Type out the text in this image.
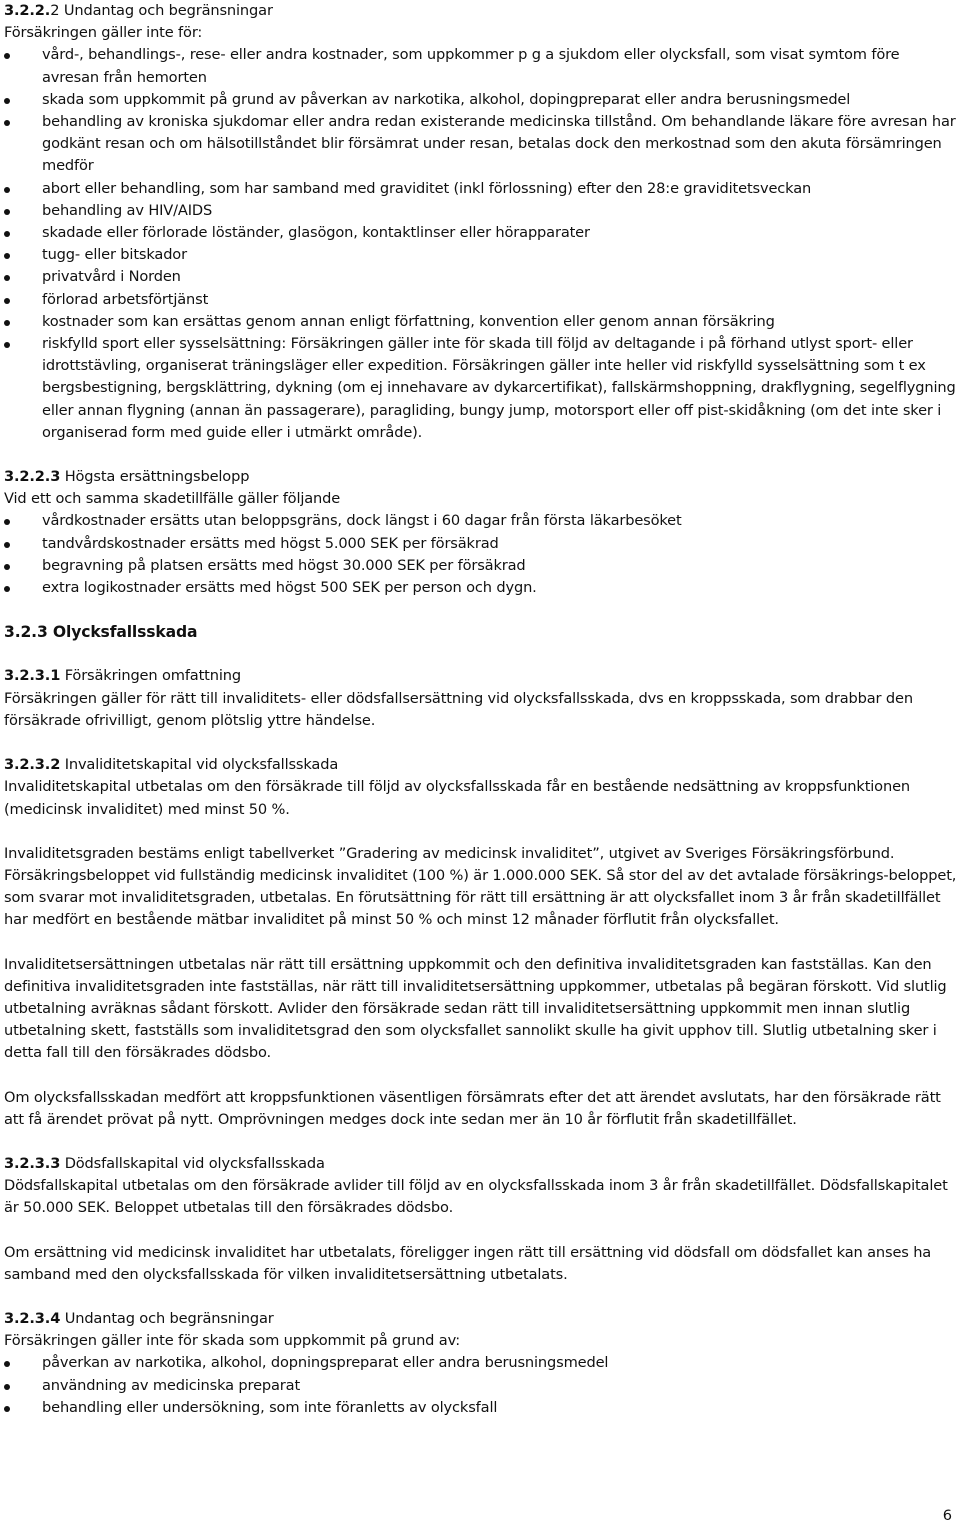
3.2.2.2 Undantag och begränsningar

Försäkringen gäller inte för:

vård-, behandlings-, rese- eller andra kostnader, som uppkommer p g a sjukdom eller olycksfall, som visat symtom före avresan från hemorten
skada som uppkommit på grund av påverkan av narkotika, alkohol, dopingpreparat eller andra berusningsmedel
behandling av kroniska sjukdomar eller andra redan existerande medicinska tillstånd. Om behandlande läkare före avresan har godkänt resan och om hälsotillståndet blir försämrat under resan, betalas dock den merkostnad som den akuta försämringen medför
abort eller behandling, som har samband med graviditet (inkl förlossning) efter den 28:e graviditetsveckan
behandling av HIV/AIDS
skadade eller förlorade löständer, glasögon, kontaktlinser eller hörapparater
tugg- eller bitskador
privatvård i Norden
förlorad arbetsförtjänst
kostnader som kan ersättas genom annan enligt författning, konvention eller genom annan försäkring
riskfylld sport eller sysselsättning: Försäkringen gäller inte för skada till följd av deltagande i på förhand utlyst sport- eller idrottstävling, organiserat träningsläger eller expedition. Försäkringen gäller inte heller vid riskfylld sysselsättning som t ex bergsbestigning, bergsklättring, dykning (om ej innehavare av dykarcertifikat), fallskärmshoppning, drakflygning, segelflygning eller annan flygning (annan än passagerare), paragliding, bungy jump, motorsport eller off pist-skidåkning (om det inte sker i organiserad form med guide eller i utmärkt område).

3.2.2.3 Högsta ersättningsbelopp

Vid ett och samma skadetillfälle gäller följande

vårdkostnader ersätts utan beloppsgräns, dock längst i 60 dagar från första läkarbesöket
tandvårdskostnader ersätts med högst 5.000 SEK per försäkrad
begravning på platsen ersätts med högst 30.000 SEK per försäkrad
extra logikostnader ersätts med högst 500 SEK per person och dygn.

3.2.3 Olycksfallsskada

3.2.3.1 Försäkringen omfattning

Försäkringen gäller för rätt till invaliditets- eller dödsfallsersättning vid olycksfallsskada, dvs en kroppsskada, som drabbar den försäkrade ofrivilligt, genom plötslig yttre händelse.

3.2.3.2 Invaliditetskapital vid olycksfallsskada

Invaliditetskapital utbetalas om den försäkrade till följd av olycksfallsskada får en bestående nedsättning av kroppsfunktionen (medicinsk invaliditet) med minst 50 %.

Invaliditetsgraden bestäms enligt tabellverket ”Gradering av medicinsk invaliditet”, utgivet av Sveriges Försäkringsförbund. Försäkringsbeloppet vid fullständig medicinsk invaliditet (100 %) är 1.000.000 SEK. Så stor del av det avtalade försäkrings-beloppet, som svarar mot invaliditetsgraden, utbetalas. En förutsättning för rätt till ersättning är att olycksfallet inom 3 år från skadetillfället har medfört en bestående mätbar invaliditet på minst 50 % och minst 12 månader förflutit från olycksfallet.

Invaliditetsersättningen utbetalas när rätt till ersättning uppkommit och den definitiva invaliditetsgraden kan fastställas. Kan den definitiva invaliditetsgraden inte fastställas, när rätt till invaliditetsersättning uppkommer, utbetalas på begäran förskott. Vid slutlig utbetalning avräknas sådant förskott. Avlider den försäkrade sedan rätt till invaliditetsersättning uppkommit men innan slutlig utbetalning skett, fastställs som invaliditetsgrad den som olycksfallet sannolikt skulle ha givit upphov till. Slutlig utbetalning sker i detta fall till den försäkrades dödsbo.

Om olycksfallsskadan medfört att kroppsfunktionen väsentligen försämrats efter det att ärendet avslutats, har den försäkrade rätt att få ärendet prövat på nytt. Omprövningen medges dock inte sedan mer än 10 år förflutit från skadetillfället.

3.2.3.3 Dödsfallskapital vid olycksfallsskada

Dödsfallskapital utbetalas om den försäkrade avlider till följd av en olycksfallsskada inom 3 år från skadetillfället. Dödsfallskapitalet är 50.000 SEK. Beloppet utbetalas till den försäkrades dödsbo.

Om ersättning vid medicinsk invaliditet har utbetalats, föreligger ingen rätt till ersättning vid dödsfall om dödsfallet kan anses ha samband med den olycksfallsskada för vilken invaliditetsersättning utbetalats.

3.2.3.4 Undantag och begränsningar

Försäkringen gäller inte för skada som uppkommit på grund av:

påverkan av narkotika, alkohol, dopningspreparat eller andra berusningsmedel
användning av medicinska preparat
behandling eller undersökning, som inte föranletts av olycksfall
6
